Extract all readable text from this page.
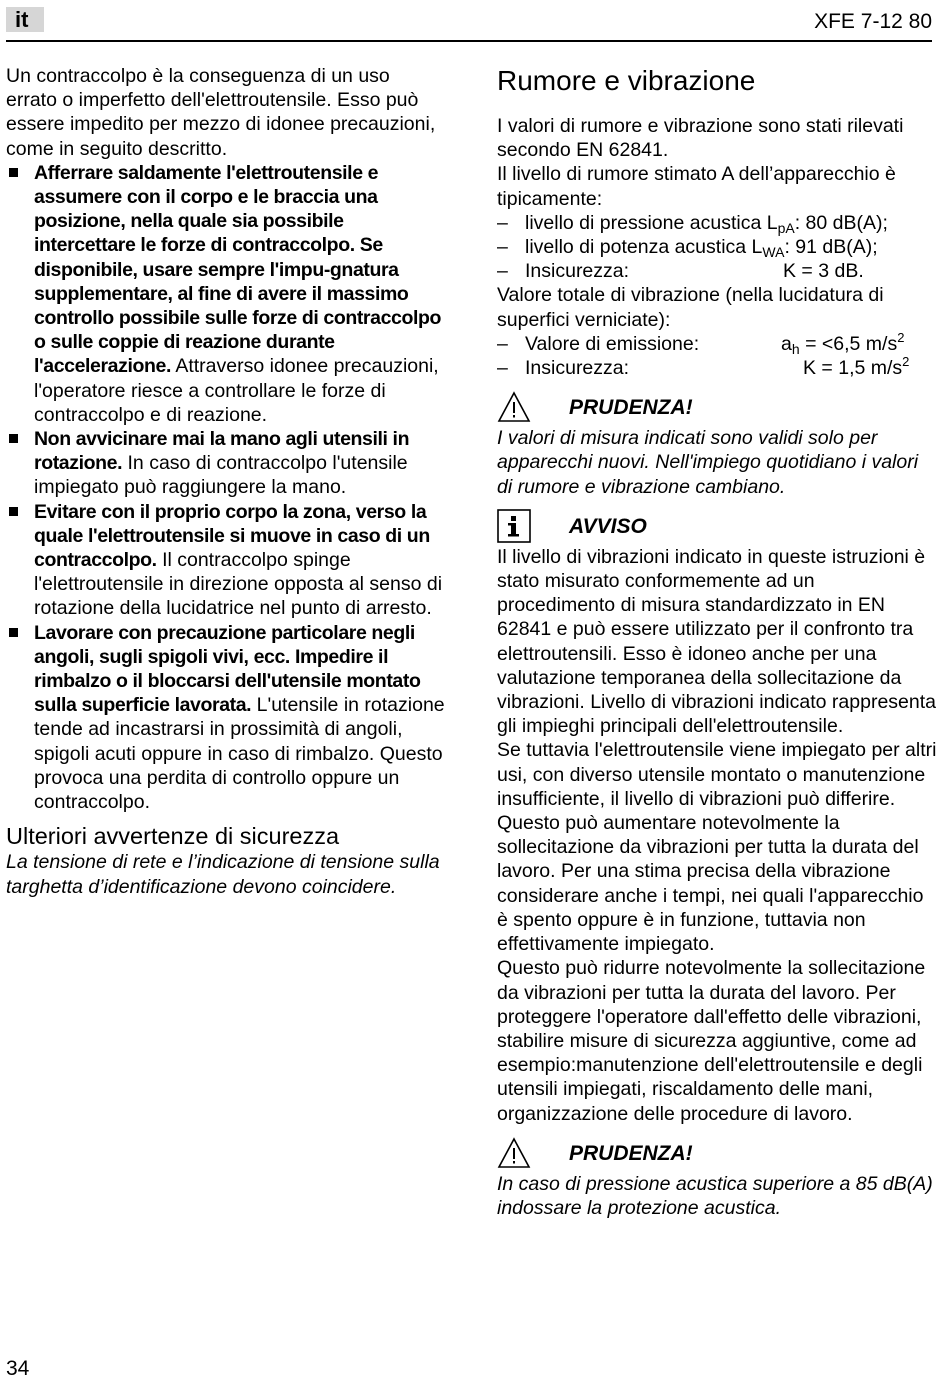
it	XFE 7-12 80

Un contraccolpo è la conseguenza di un uso errato o imperfetto dell'elettroutensile. Esso può essere impedito per mezzo di idonee precauzioni, come in seguito descritto.

Afferrare saldamente l'elettroutensile e assumere con il corpo e le braccia una posizione, nella quale sia possibile intercettare le forze di contraccolpo. Se disponibile, usare sempre l'impu-gnatura supplementare, al fine di avere il massimo controllo possibile sulle forze di contraccolpo o sulle coppie di reazione durante l'accelerazione. Attraverso idonee precauzioni, l'operatore riesce a controllare le forze di contraccolpo e di reazione.

Non avvicinare mai la mano agli utensili in rotazione. In caso di contraccolpo l'utensile impiegato può raggiungere la mano.

Evitare con il proprio corpo la zona, verso la quale l'elettroutensile si muove in caso di un contraccolpo. Il contraccolpo spinge l'elettroutensile in direzione opposta al senso di rotazione della lucidatrice nel punto di arresto.

Lavorare con precauzione particolare negli angoli, sugli spigoli vivi, ecc. Impedire il rimbalzo o il bloccarsi dell'utensile montato sulla superficie lavorata. L'utensile in rotazione tende ad incastrarsi in prossimità di angoli, spigoli acuti oppure in caso di rimbalzo. Questo provoca una perdita di controllo oppure un contraccolpo.

Ulteriori avvertenze di sicurezza

La tensione di rete e l’indicazione di tensione sulla targhetta d’identificazione devono coincidere.

Rumore e vibrazione

I valori di rumore e vibrazione sono stati rilevati secondo EN 62841.

Il livello di rumore stimato A dell’apparecchio è tipicamente:

– livello di pressione acustica $L_{pA}$: 80 dB(A);

– livello di potenza acustica $L_{WA}$: 91 dB(A);

– Insicurezza:	K = 3 dB.

Valore totale di vibrazione (nella lucidatura di superfici verniciate):

– Valore di emissione:	$a_h = <6,5$ $m/s^2$

– Insicurezza:	K = 1,5 $m/s^2$

PRUDENZA!

I valori di misura indicati sono validi solo per apparecchi nuovi. Nell'impiego quotidiano i valori di rumore e vibrazione cambiano.

AVVISO

Il livello di vibrazioni indicato in queste istruzioni è stato misurato conformemente ad un procedimento di misura standardizzato in EN 62841 e può essere utilizzato per il confronto tra elettroutensili. Esso è idoneo anche per una valutazione temporanea della sollecitazione da vibrazioni. Livello di vibrazioni indicato rappresenta gli impieghi principali dell'elettroutensile.

Se tuttavia l'elettroutensile viene impiegato per altri usi, con diverso utensile montato o manutenzione insufficiente, il livello di vibrazioni può differire.

Questo può aumentare notevolmente la sollecitazione da vibrazioni per tutta la durata del lavoro. Per una stima precisa della vibrazione considerare anche i tempi, nei quali l'apparecchio è spento oppure è in funzione, tuttavia non effettivamente impiegato.

Questo può ridurre notevolmente la sollecitazione da vibrazioni per tutta la durata del lavoro. Per proteggere l'operatore dall'effetto delle vibrazioni, stabilire misure di sicurezza aggiuntive, come ad esempio:manutenzione dell'elettroutensile e degli utensili impiegati, riscaldamento delle mani, organizzazione delle procedure di lavoro.

PRUDENZA!

In caso di pressione acustica superiore a 85 dB(A) indossare la protezione acustica.

34
